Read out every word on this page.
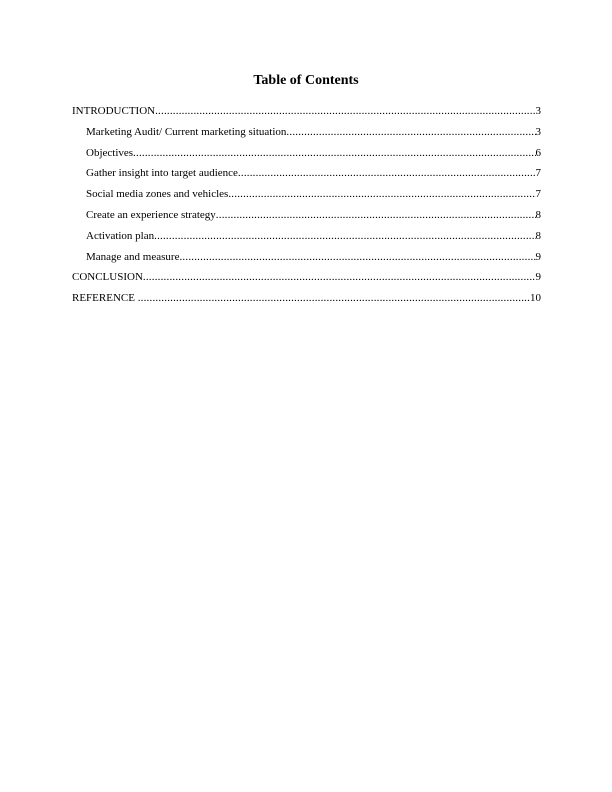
Table of Contents
INTRODUCTION .....	3
Marketing Audit/ Current marketing situation .....	3
Objectives .....	6
Gather insight into target audience .....	7
Social media zones and vehicles .....	7
Create an experience strategy .....	8
Activation plan .....	8
Manage and measure .....	9
CONCLUSION .....	9
REFERENCE .....	10
